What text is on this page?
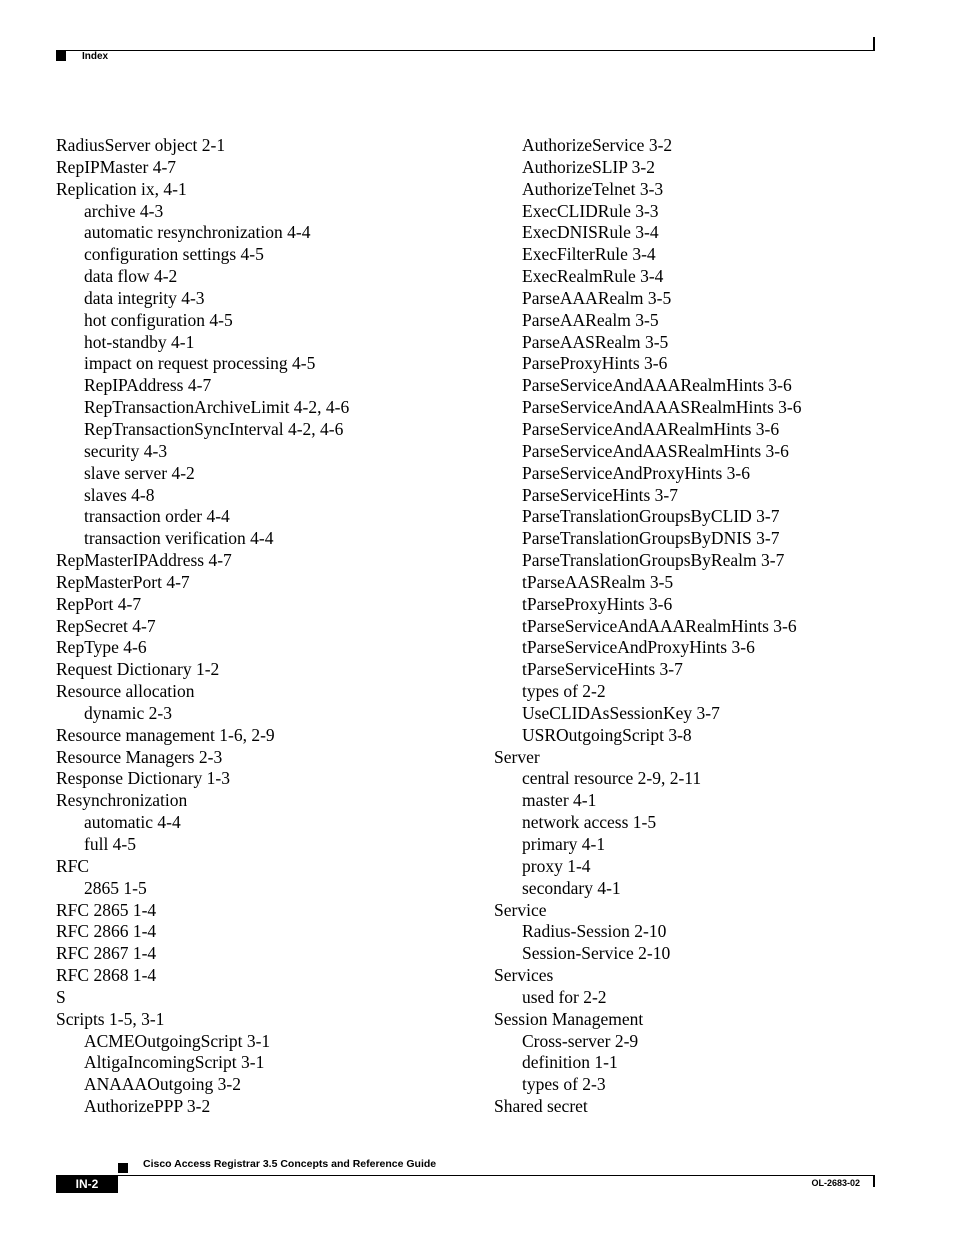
Index
RadiusServer object 2-1
RepIPMaster 4-7
Replication ix, 4-1
archive 4-3
automatic resynchronization 4-4
configuration settings 4-5
data flow 4-2
data integrity 4-3
hot configuration 4-5
hot-standby 4-1
impact on request processing 4-5
RepIPAddress 4-7
RepTransactionArchiveLimit 4-2, 4-6
RepTransactionSyncInterval 4-2, 4-6
security 4-3
slave server 4-2
slaves 4-8
transaction order 4-4
transaction verification 4-4
RepMasterIPAddress 4-7
RepMasterPort 4-7
RepPort 4-7
RepSecret 4-7
RepType 4-6
Request Dictionary 1-2
Resource allocation
dynamic 2-3
Resource management 1-6, 2-9
Resource Managers 2-3
Response Dictionary 1-3
Resynchronization
automatic 4-4
full 4-5
RFC
2865 1-5
RFC 2865 1-4
RFC 2866 1-4
RFC 2867 1-4
RFC 2868 1-4
S
Scripts 1-5, 3-1
ACMEOutgoingScript 3-1
AltigaIncomingScript 3-1
ANAAAOutgoing 3-2
AuthorizePPP 3-2
AuthorizeService 3-2
AuthorizeSLIP 3-2
AuthorizeTelnet 3-3
ExecCLIDRule 3-3
ExecDNISRule 3-4
ExecFilterRule 3-4
ExecRealmRule 3-4
ParseAAARealm 3-5
ParseAARealm 3-5
ParseAASRealm 3-5
ParseProxyHints 3-6
ParseServiceAndAAARealmHints 3-6
ParseServiceAndAAASRealmHints 3-6
ParseServiceAndAARealmHints 3-6
ParseServiceAndAASRealmHints 3-6
ParseServiceAndProxyHints 3-6
ParseServiceHints 3-7
ParseTranslationGroupsByCLID 3-7
ParseTranslationGroupsByDNIS 3-7
ParseTranslationGroupsByRealm 3-7
tParseAASRealm 3-5
tParseProxyHints 3-6
tParseServiceAndAAARealmHints 3-6
tParseServiceAndProxyHints 3-6
tParseServiceHints 3-7
types of 2-2
UseCLIDAsSessionKey 3-7
USROutgoingScript 3-8
Server
central resource 2-9, 2-11
master 4-1
network access 1-5
primary 4-1
proxy 1-4
secondary 4-1
Service
Radius-Session 2-10
Session-Service 2-10
Services
used for 2-2
Session Management
Cross-server 2-9
definition 1-1
types of 2-3
Shared secret
Cisco Access Registrar 3.5 Concepts and Reference Guide
IN-2	OL-2683-02
